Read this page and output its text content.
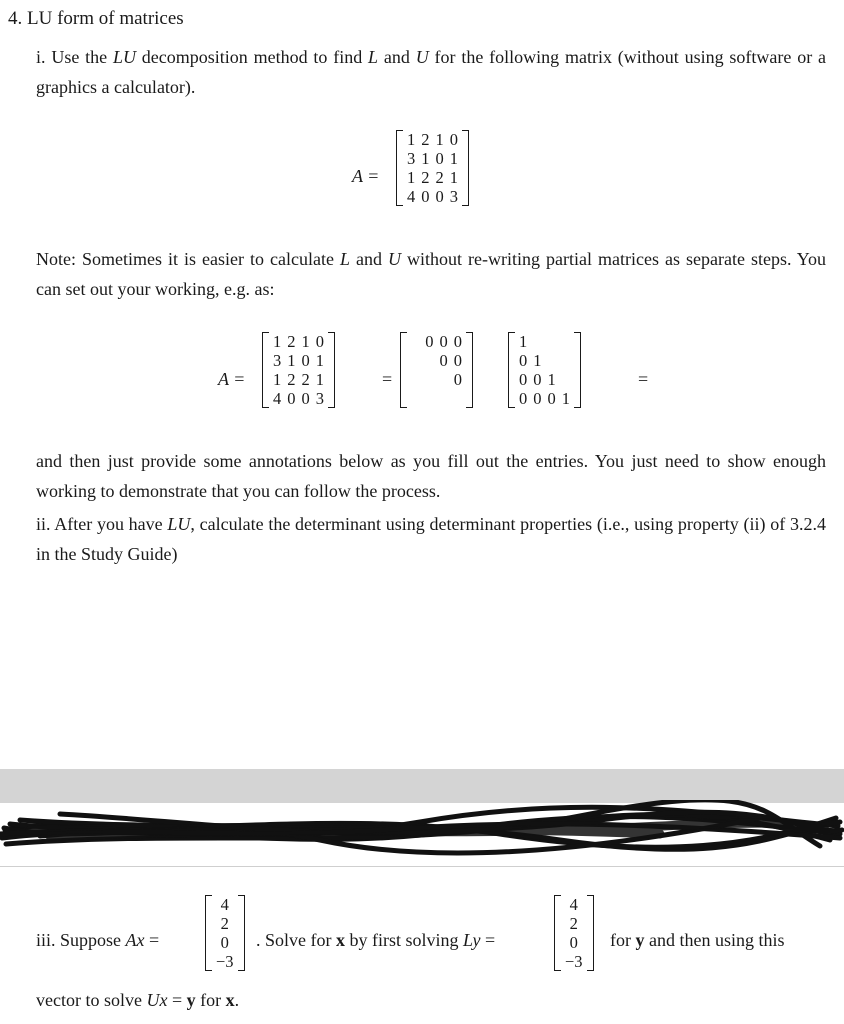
4. LU form of matrices
i. Use the LU decomposition method to find L and U for the following matrix (without using software or a graphics a calculator).
A =
1	2	1	0
3	1	0	1
1	2	2	1
4	0	0	3
Note: Sometimes it is easier to calculate L and U without re-writing partial matrices as separate steps. You can set out your working, e.g. as:
A =
1	2	1	0
3	1	0	1
1	2	2	1
4	0	0	3
=
	0	0	0
		0	0
			0

1			
0	1		
0	0	1	
0	0	0	1
=
and then just provide some annotations below as you fill out the entries. You just need to show enough working to demonstrate that you can follow the process.
ii. After you have LU, calculate the determinant using determinant properties (i.e., using property (ii) of 3.2.4 in the Study Guide)
iii. Suppose Ax =
4
2
0
−3
. Solve for x by first solving Ly =
4
2
0
−3
for y and then using this
vector to solve Ux = y for x.
